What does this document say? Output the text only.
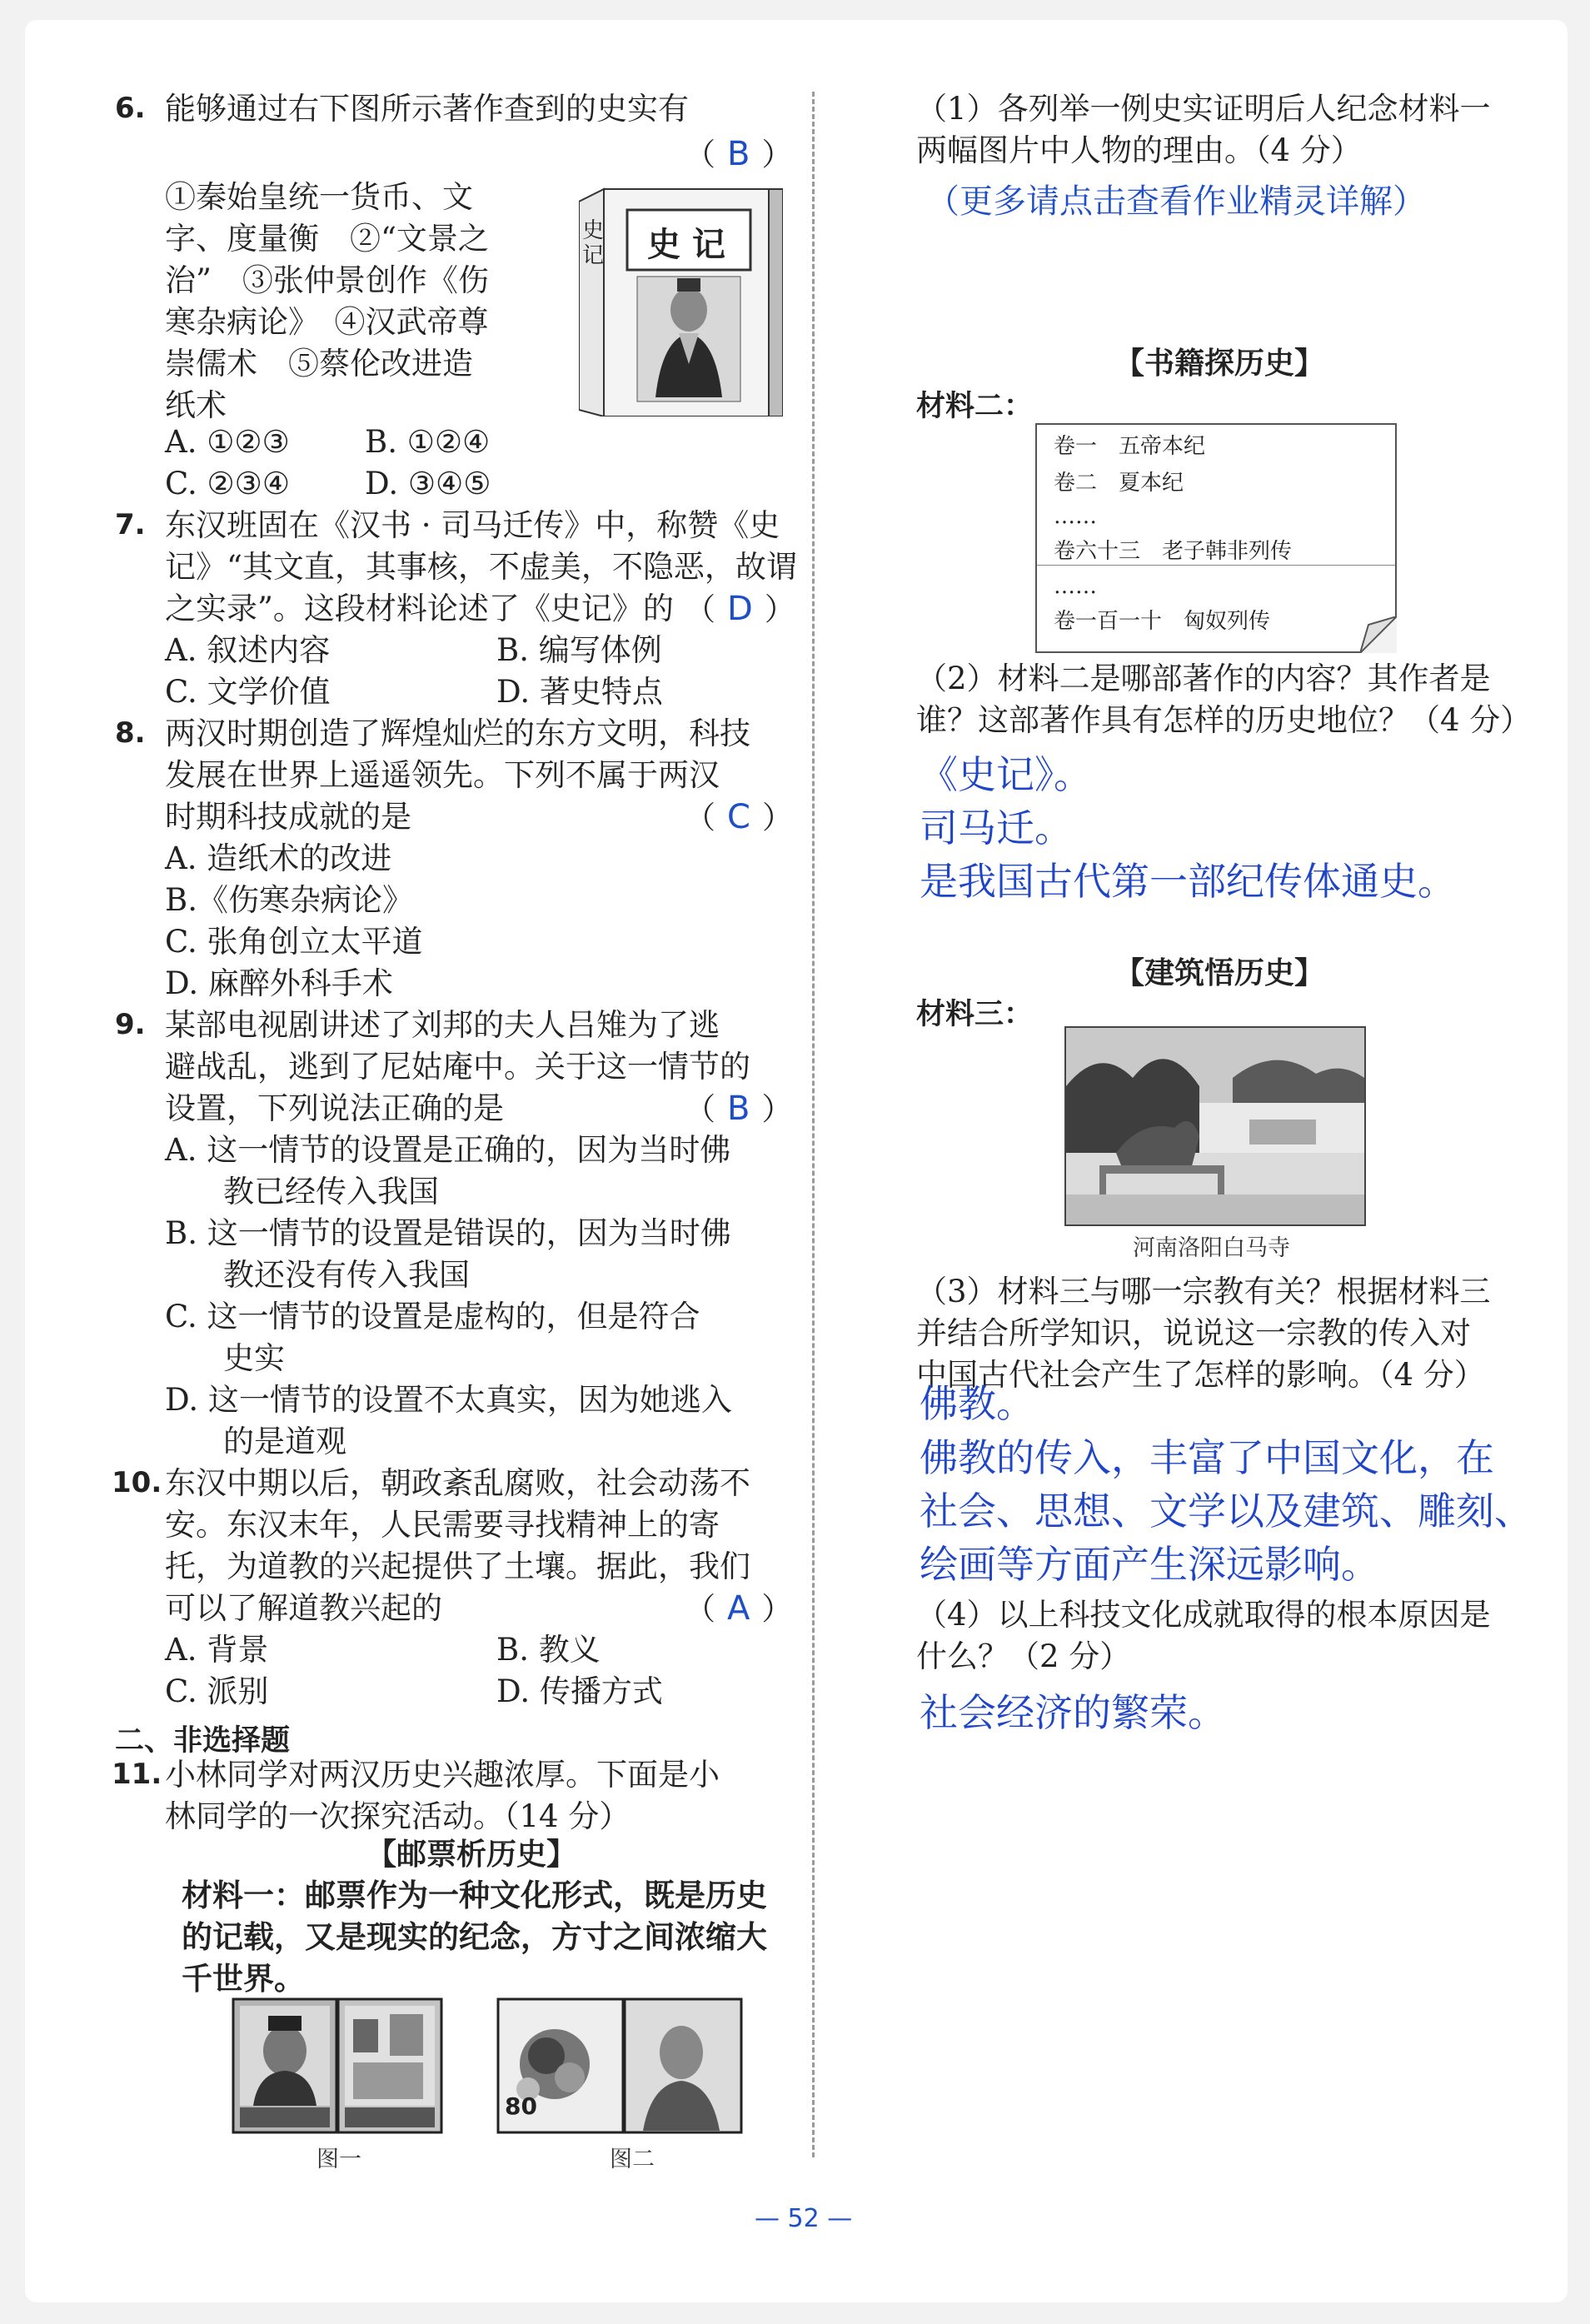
6. 能够通过右下图所示著作查到的史实有
（ B ）
①秦始皇统一货币、文
字、度量衡　②“文景之
治”　③张仲景创作《伤
寒杂病论》　④汉武帝尊
崇儒术　⑤蔡伦改进造
纸术
史 记
史记
A. ①②③ B. ①②④
C. ②③④ D. ③④⑤
7. 东汉班固在《汉书 · 司马迁传》中，称赞《史
记》“其文直，其事核，不虚美，不隐恶，故谓
之实录”。这段材料论述了《史记》的 （ D ）
A. 叙述内容	B. 编写体例
C. 文学价值	D. 著史特点
8. 两汉时期创造了辉煌灿烂的东方文明，科技
发展在世界上遥遥领先。下列不属于两汉
时期科技成就的是	（ C ）
A. 造纸术的改进
B.《伤寒杂病论》
C. 张角创立太平道
D. 麻醉外科手术
9. 某部电视剧讲述了刘邦的夫人吕雉为了逃
避战乱，逃到了尼姑庵中。关于这一情节的
设置，下列说法正确的是	（ B ）
A. 这一情节的设置是正确的，因为当时佛
教已经传入我国
B. 这一情节的设置是错误的，因为当时佛
教还没有传入我国
C. 这一情节的设置是虚构的，但是符合
史实
D. 这一情节的设置不太真实，因为她逃入
的是道观
10. 东汉中期以后，朝政紊乱腐败，社会动荡不
安。东汉末年，人民需要寻找精神上的寄
托，为道教的兴起提供了土壤。据此，我们
可以了解道教兴起的	（ A ）
A. 背景	B. 教义
C. 派别	D. 传播方式
二、非选择题
11. 小林同学对两汉历史兴趣浓厚。下面是小
林同学的一次探究活动。（14 分）
【邮票析历史】
材料一：邮票作为一种文化形式，既是历史
的记载，又是现实的纪念，方寸之间浓缩大
千世界。
图一
80
图二
（1）各列举一例史实证明后人纪念材料一
两幅图片中人物的理由。（4 分）
（更多请点击查看作业精灵详解）
【书籍探历史】
材料二：
卷一　五帝本纪
卷二　夏本纪
……
卷六十三　老子韩非列传
……
卷一百一十　匈奴列传
（2）材料二是哪部著作的内容？其作者是
谁？这部著作具有怎样的历史地位？（4 分）
《史记》。
司马迁。
是我国古代第一部纪传体通史。
【建筑悟历史】
材料三：
河南洛阳白马寺
（3）材料三与哪一宗教有关？根据材料三
并结合所学知识，说说这一宗教的传入对
中国古代社会产生了怎样的影响。（4 分）
佛教。
佛教的传入，丰富了中国文化，在
社会、思想、文学以及建筑、雕刻、
绘画等方面产生深远影响。
（4）以上科技文化成就取得的根本原因是
什么？（2 分）
社会经济的繁荣。
— 52 —
